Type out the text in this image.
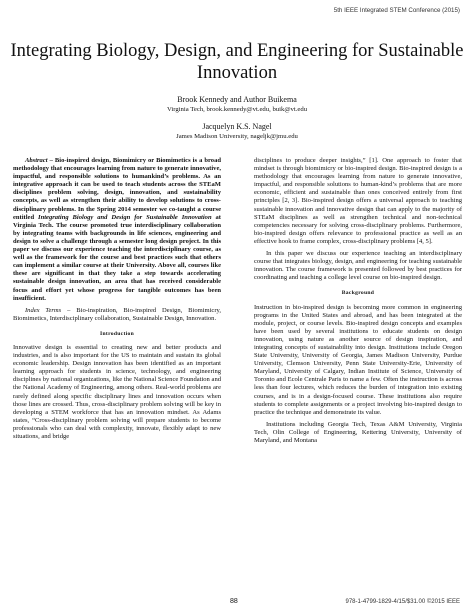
5th IEEE Integrated STEM Conference (2015)
Integrating Biology, Design, and Engineering for Sustainable Innovation
Brook Kennedy and Author Buikema
Virginia Tech, brook.kennedy@vt.edu, buik@vt.edu
Jacquelyn K.S. Nagel
James Madison University, nageljk@jmu.edu

Abstract – Bio-inspired design, Biomimicry or Biomimetics is a broad methodology that encourages learning from nature to generate innovative, impactful, and responsible solutions to humankind’s problems. As an integrative approach it can be used to teach students across the STEaM disciplines problem solving, design, innovation, and sustainability concepts, as well as strengthen their ability to develop solutions to cross-disciplinary problems. In the Spring 2014 semester we co-taught a course entitled Integrating Biology and Design for Sustainable Innovation at Virginia Tech. The course promoted true interdisciplinary collaboration by integrating teams with backgrounds in life sciences, engineering and design to solve a challenge through a semester long design project. In this paper we discuss our experience teaching the interdisciplinary course, as well as the framework for the course and best practices such that others can implement a similar course at their University. Above all, courses like these are significant in that they take a step towards accelerating sustainable design innovation, an area that has received considerable focus and effort yet whose progress for tangible outcomes has been insufficient.

Index Terms – Bio-inspiration, Bio-inspired Design, Biomimicry, Biomimetics, Interdisciplinary collaboration, Sustainable Design, Innovation.

Introduction

Innovative design is essential to creating new and better products and industries, and is also important for the US to maintain and sustain its global economic leadership. Design innovation has been identified as an important learning approach for students in science, technology, and engineering disciplines by national organizations, like the National Science Foundation and the National Academy of Engineering, among others. Real-world problems are rarely defined along specific disciplinary lines and innovation occurs when those lines are crossed. Thus, cross-disciplinary problem solving will be key in developing a STEM workforce that has an innovation mindset. As Adams states, “Cross-disciplinary problem solving will prepare students to become professionals who can deal with complexity, innovate, flexibly adapt to new situations, and bridge

disciplines to produce deeper insights,” [1]. One approach to foster that mindset is through biomimicry or bio-inspired design. Bio-inspired design is a methodology that encourages learning from nature to generate innovative, impactful, and responsible solutions to human-kind’s problems that are more economic, efficient and sustainable than ones conceived entirely from first principles [2, 3]. Bio-inspired design offers a universal approach to teaching sustainable innovation and innovative design that can apply to the majority of STEaM disciplines as well as strengthen technical and non-technical competencies necessary for solving cross-disciplinary problems. Furthermore, bio-inspired design offers relevance to professional practice as well as an effective hook to frame complex, cross-disciplinary problems [4, 5].

In this paper we discuss our experience teaching an interdisciplinary course that integrates biology, design, and engineering for teaching sustainable innovation. The course framework is presented followed by best practices for coordinating and teaching a college level course on bio-inspired design.

Background

Instruction in bio-inspired design is becoming more common in engineering programs in the United States and abroad, and has been integrated at the module, project, or course levels. Bio-inspired design concepts and examples have been used by several institutions to educate students on design innovation, using nature as another source of design inspiration, and integrating concepts of sustainability into design. Institutions include Oregon State University, University of Georgia, James Madison University, Purdue University, Clemson University, Penn State University-Erie, University of Maryland, University of Calgary, Indian Institute of Science, University of Toronto and Ecole Centrale Paris to name a few. Often the instruction is across less than four lectures, which reduces the burden of integration into existing courses, and is in a design-focused course. These institutions also require students to complete assignments or a project involving bio-inspired design to practice the technique and demonstrate its value.

Institutions including Georgia Tech, Texas A&M University, Virginia Tech, Olin College of Engineering, Kettering University, University of Maryland, and Montana

88	978-1-4799-1829-4/15/$31.00 ©2015 IEEE
